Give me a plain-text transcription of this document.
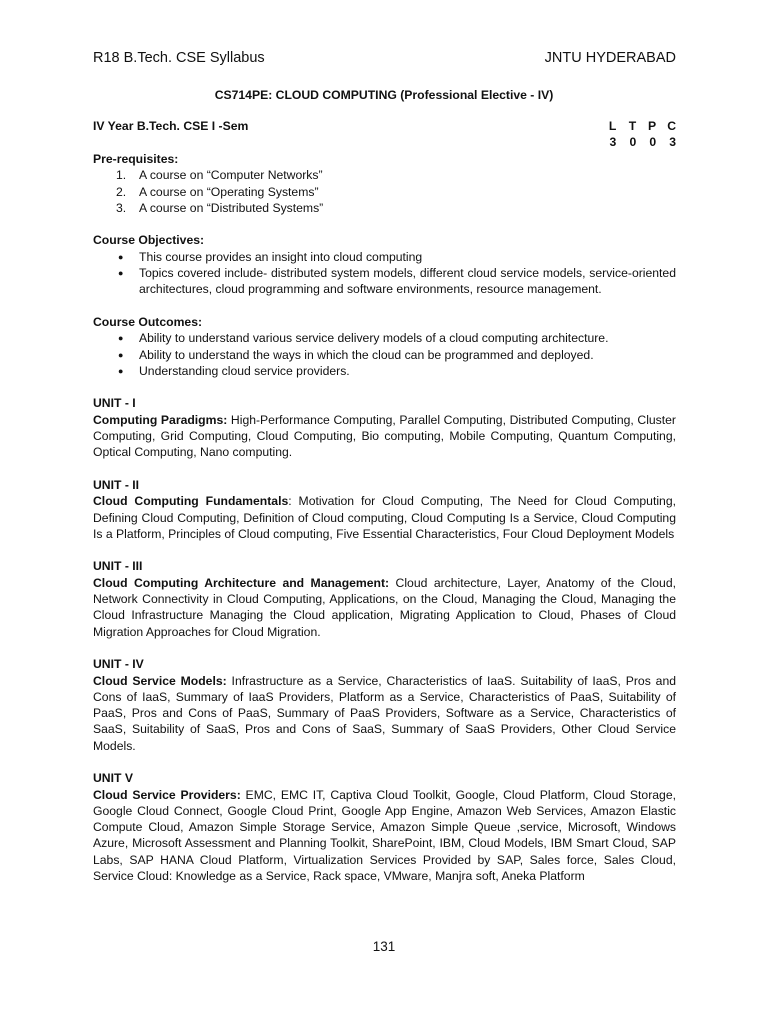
R18 B.Tech. CSE Syllabus	JNTU HYDERABAD
CS714PE: CLOUD COMPUTING (Professional Elective - IV)
IV Year B.Tech. CSE I -Sem	L T P C
3 0 0 3
Pre-requisites:
1. A course on “Computer Networks”
2. A course on “Operating Systems”
3. A course on “Distributed Systems”
Course Objectives:
● This course provides an insight into cloud computing
● Topics covered include- distributed system models, different cloud service models, service-oriented architectures, cloud programming and software environments, resource management.
Course Outcomes:
● Ability to understand various service delivery models of a cloud computing architecture.
● Ability to understand the ways in which the cloud can be programmed and deployed.
● Understanding cloud service providers.
UNIT - I
Computing Paradigms: High-Performance Computing, Parallel Computing, Distributed Computing, Cluster Computing, Grid Computing, Cloud Computing, Bio computing, Mobile Computing, Quantum Computing, Optical Computing, Nano computing.
UNIT - II
Cloud Computing Fundamentals: Motivation for Cloud Computing, The Need for Cloud Computing, Defining Cloud Computing, Definition of Cloud computing, Cloud Computing Is a Service, Cloud Computing Is a Platform, Principles of Cloud computing, Five Essential Characteristics, Four Cloud Deployment Models
UNIT - III
Cloud Computing Architecture and Management: Cloud architecture, Layer, Anatomy of the Cloud, Network Connectivity in Cloud Computing, Applications, on the Cloud, Managing the Cloud, Managing the Cloud Infrastructure Managing the Cloud application, Migrating Application to Cloud, Phases of Cloud Migration Approaches for Cloud Migration.
UNIT - IV
Cloud Service Models: Infrastructure as a Service, Characteristics of IaaS. Suitability of IaaS, Pros and Cons of IaaS, Summary of IaaS Providers, Platform as a Service, Characteristics of PaaS, Suitability of PaaS, Pros and Cons of PaaS, Summary of PaaS Providers, Software as a Service, Characteristics of SaaS, Suitability of SaaS, Pros and Cons of SaaS, Summary of SaaS Providers, Other Cloud Service Models.
UNIT V
Cloud Service Providers: EMC, EMC IT, Captiva Cloud Toolkit, Google, Cloud Platform, Cloud Storage, Google Cloud Connect, Google Cloud Print, Google App Engine, Amazon Web Services, Amazon Elastic Compute Cloud, Amazon Simple Storage Service, Amazon Simple Queue ,service, Microsoft, Windows Azure, Microsoft Assessment and Planning Toolkit, SharePoint, IBM, Cloud Models, IBM Smart Cloud, SAP Labs, SAP HANA Cloud Platform, Virtualization Services Provided by SAP, Sales force, Sales Cloud, Service Cloud: Knowledge as a Service, Rack space, VMware, Manjra soft, Aneka Platform
131
